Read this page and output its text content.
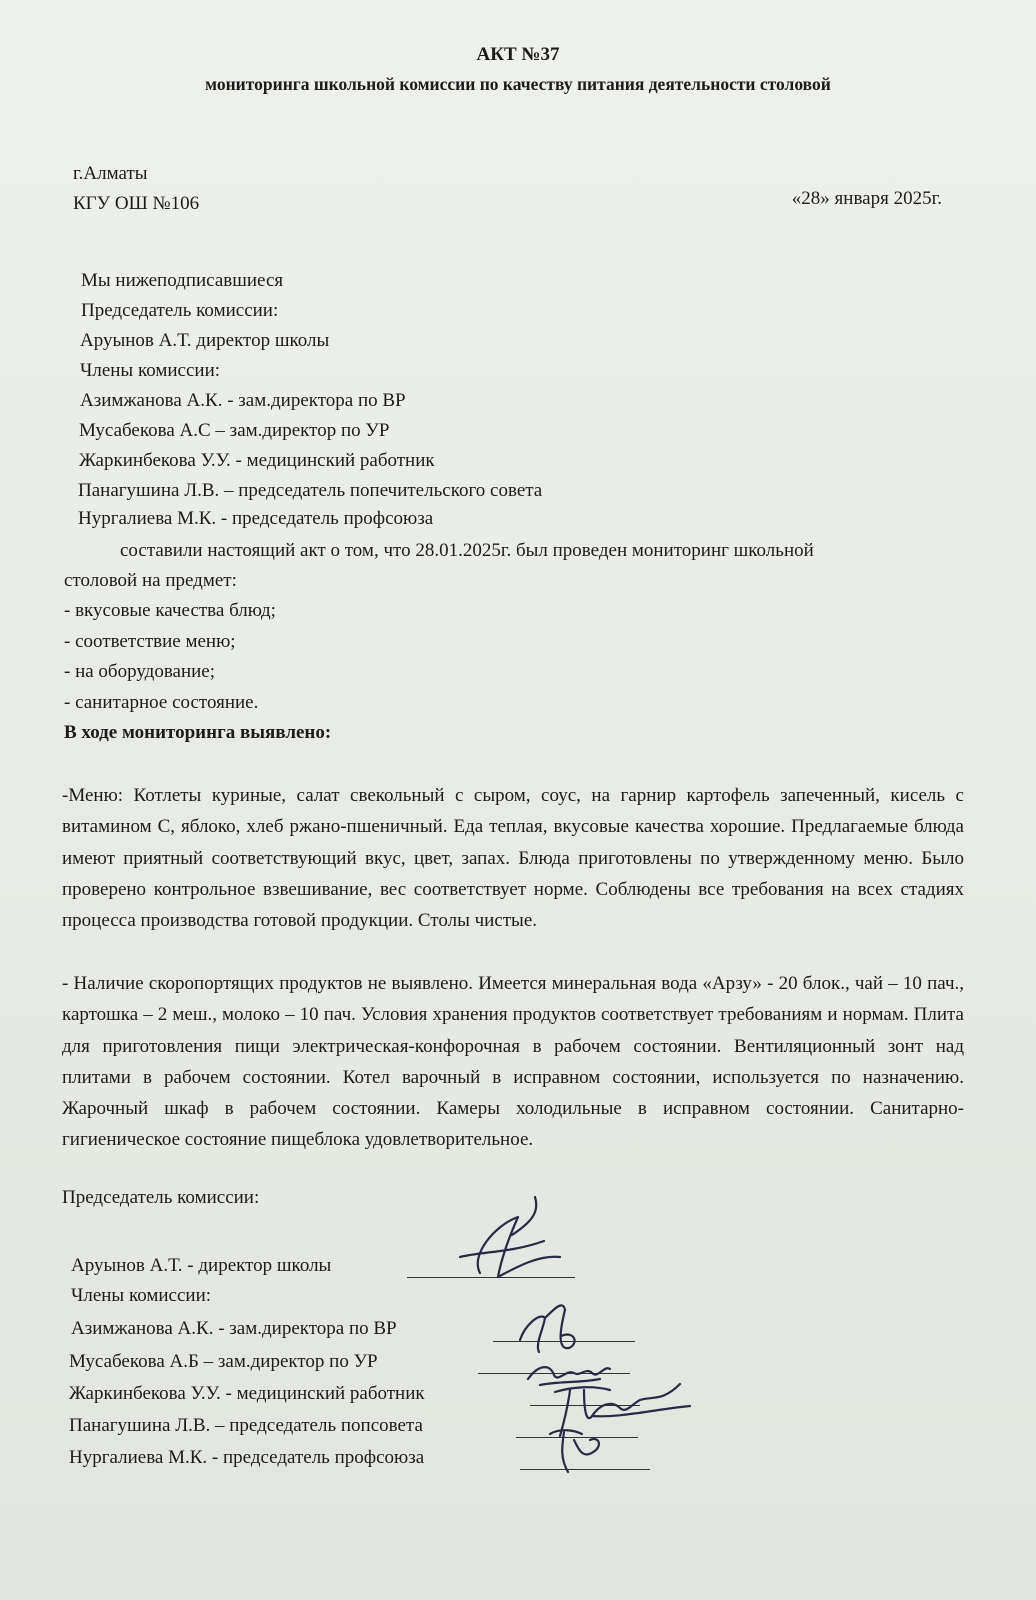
АКТ №37

мониторинга школьной комиссии по качеству питания деятельности столовой

г.Алматы

КГУ ОШ №106	«28» января 2025г.

Мы нижеподписавшиеся

Председатель комиссии:

Аруынов А.Т. директор школы

Члены комиссии:

Азимжанова А.К. - зам.директора по ВР

Мусабекова А.С – зам.директор по УР

Жаркинбекова У.У. - медицинский работник

Панагушина Л.В. – председатель попечительского совета

Нургалиева М.К. - председатель профсоюза

составили настоящий акт о том, что 28.01.2025г. был проведен мониторинг школьной

столовой на предмет:

- вкусовые качества блюд;

- соответствие меню;

- на оборудование;

- санитарное состояние.

В ходе мониторинга выявлено:

-Меню: Котлеты куриные, салат свекольный с сыром, соус, на гарнир картофель запеченный, кисель с витамином С, яблоко, хлеб ржано-пшеничный. Еда теплая, вкусовые качества хорошие. Предлагаемые блюда имеют приятный соответствующий вкус, цвет, запах. Блюда приготовлены по утвержденному меню. Было проверено контрольное взвешивание, вес соответствует норме. Соблюдены все требования на всех стадиях процесса производства готовой продукции. Столы чистые.

- Наличие скоропортящих продуктов не выявлено. Имеется минеральная вода «Арзу» - 20 блок., чай – 10 пач., картошка – 2 меш., молоко – 10 пач. Условия хранения продуктов соответствует требованиям и нормам. Плита для приготовления пищи электрическая-конфорочная в рабочем состоянии. Вентиляционный зонт над плитами в рабочем состоянии. Котел варочный в исправном состоянии, используется по назначению. Жарочный шкаф в рабочем состоянии. Камеры холодильные в исправном состоянии. Санитарно-гигиеническое состояние пищеблока удовлетворительное.

Председатель комиссии:

Аруынов А.Т. - директор школы

Члены комиссии:

Азимжанова А.К. - зам.директора по ВР

Мусабекова А.Б – зам.директор по УР

Жаркинбекова У.У. - медицинский работник

Панагушина Л.В. – председатель попсовета

Нургалиева М.К. - председатель профсоюза
